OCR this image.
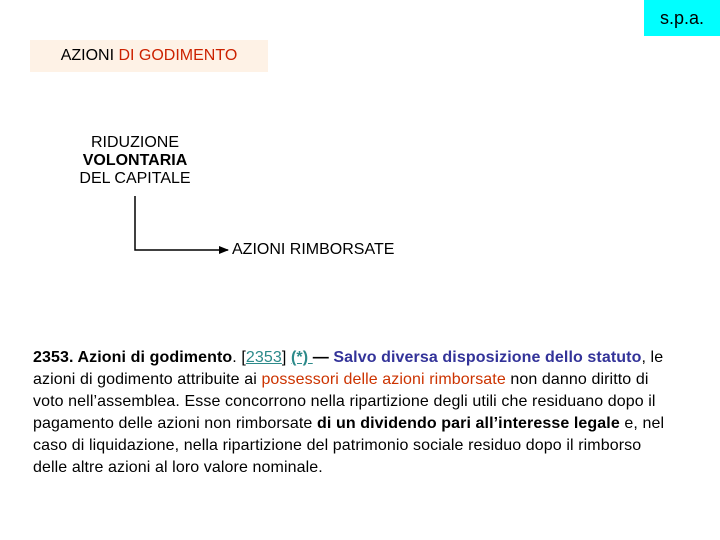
s.p.a.
AZIONI DI GODIMENTO
RIDUZIONE
VOLONTARIA
DEL CAPITALE
AZIONI RIMBORSATE
2353. Azioni di godimento. [2353] (*) — Salvo diversa disposizione dello statuto, le azioni di godimento attribuite ai possessori delle azioni rimborsate non danno diritto di voto nell’assemblea. Esse concorrono nella ripartizione degli utili che residuano dopo il pagamento delle azioni non rimborsate di un dividendo pari all’interesse legale e, nel caso di liquidazione, nella ripartizione del patrimonio sociale residuo dopo il rimborso delle altre azioni al loro valore nominale.
